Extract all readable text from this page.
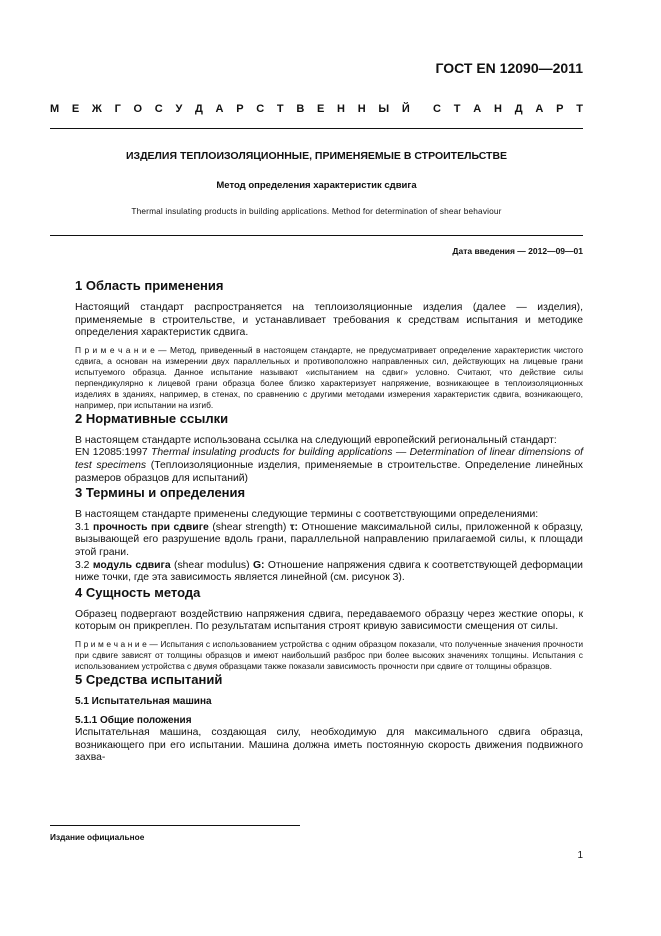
ГОСТ EN 12090—2011
М Е Ж Г О С У Д А Р С Т В Е Н Н Ы Й С Т А Н Д А Р Т
ИЗДЕЛИЯ ТЕПЛОИЗОЛЯЦИОННЫЕ, ПРИМЕНЯЕМЫЕ В СТРОИТЕЛЬСТВЕ
Метод определения характеристик сдвига
Thermal insulating products in building applications. Method for determination of shear behaviour
Дата введения — 2012—09—01
1 Область применения

Настоящий стандарт распространяется на теплоизоляционные изделия (далее — изделия), применяемые в строительстве, и устанавливает требования к средствам испытания и методике определения характеристик сдвига.

П р и м е ч а н и е — Метод, приведенный в настоящем стандарте, не предусматривает определение характеристик чистого сдвига, а основан на измерении двух параллельных и противоположно направленных сил, действующих на лицевые грани испытуемого образца. Данное испытание называют «испытанием на сдвиг» условно. Считают, что действие силы перпендикулярно к лицевой грани образца более близко характеризует напряжение, возникающее в теплоизоляционных изделиях в зданиях, например, в стенах, по сравнению с другими методами измерения характеристик сдвига, возникающего, например, при испытании на изгиб.

2 Нормативные ссылки

В настоящем стандарте использована ссылка на следующий европейский региональный стандарт:

EN 12085:1997 Thermal insulating products for building applications — Determination of linear dimensions of test specimens (Теплоизоляционные изделия, применяемые в строительстве. Определение линейных размеров образцов для испытаний)

3 Термины и определения

В настоящем стандарте применены следующие термины с соответствующими определениями:

3.1 прочность при сдвиге (shear strength) τ: Отношение максимальной силы, приложенной к образцу, вызывающей его разрушение вдоль грани, параллельной направлению прилагаемой силы, к площади этой грани.

3.2 модуль сдвига (shear modulus) G: Отношение напряжения сдвига к соответствующей деформации ниже точки, где эта зависимость является линейной (см. рисунок 3).

4 Сущность метода

Образец подвергают воздействию напряжения сдвига, передаваемого образцу через жесткие опоры, к которым он прикреплен. По результатам испытания строят кривую зависимости смещения от силы.

П р и м е ч а н и е — Испытания с использованием устройства с одним образцом показали, что полученные значения прочности при сдвиге зависят от толщины образцов и имеют наибольший разброс при более высоких значениях толщины. Испытания с использованием устройства с двумя образцами также показали зависимость прочности при сдвиге от толщины образцов.

5 Средства испытаний
5.1 Испытательная машина
5.1.1 Общие положения

Испытательная машина, создающая силу, необходимую для максимального сдвига образца, возникающего при его испытании. Машина должна иметь постоянную скорость движения подвижного захва-

Издание официальное
1
